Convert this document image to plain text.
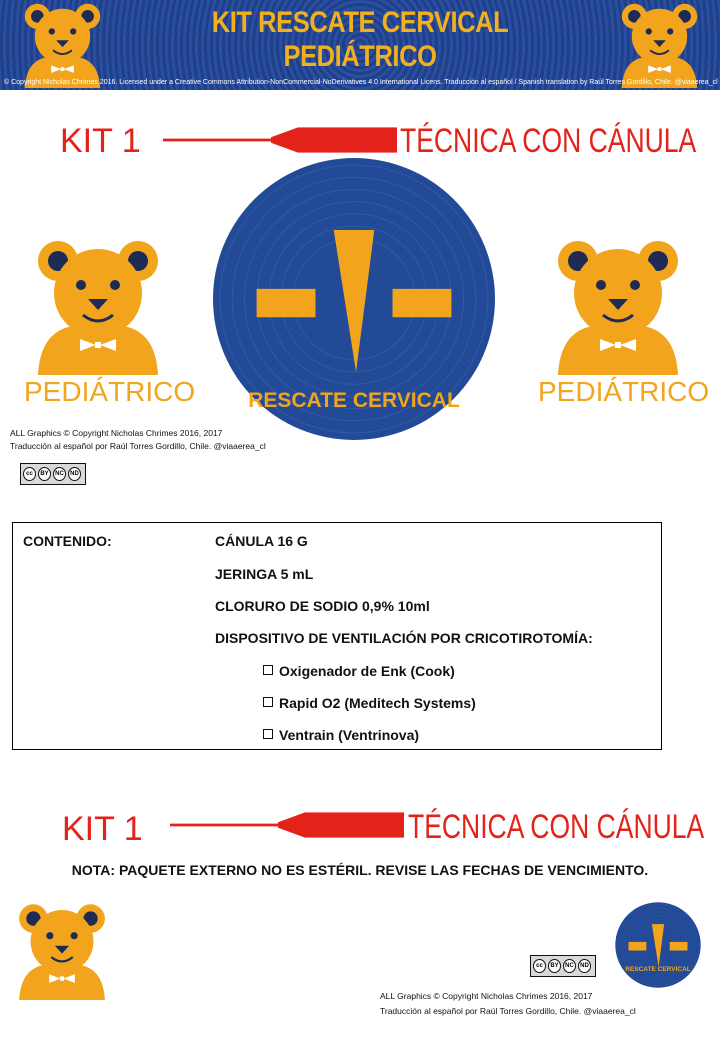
KIT RESCATE CERVICAL
PEDIÁTRICO
© Copyright Nicholas Chrimes 2016. Licensed under a Creative Commons Attribution-NonCommercial-NoDerivatives 4.0 International Licens. Traducción al español / Spanish translation by Raúl Torres Gordillo, Chile. @viaaerea_cl
KIT 1	TÉCNICA CON CÁNULA
PEDIÁTRICO	PEDIÁTRICO
RESCATE CERVICAL
ALL Graphics © Copyright Nicholas Chrimes 2016, 2017
Traducción al español por Raúl Torres Gordillo, Chile. @viaaerea_cl
cc	BY	NC	ND
CONTENIDO:	CÁNULA 16 G
JERINGA 5 mL
CLORURO DE SODIO 0,9% 10ml
DISPOSITIVO DE VENTILACIÓN POR CRICOTIROTOMÍA:
Oxigenador de Enk (Cook)
Rapid O2 (Meditech Systems)
Ventrain (Ventrinova)
KIT 1	TÉCNICA CON CÁNULA
NOTA: PAQUETE EXTERNO NO ES ESTÉRIL. REVISE LAS FECHAS DE VENCIMIENTO.
RESCATE CERVICAL
cc	BY	NC	ND
ALL Graphics © Copyright Nicholas Chrimes 2016, 2017
Traducción al español por Raúl Torres Gordillo, Chile. @viaaerea_cl
